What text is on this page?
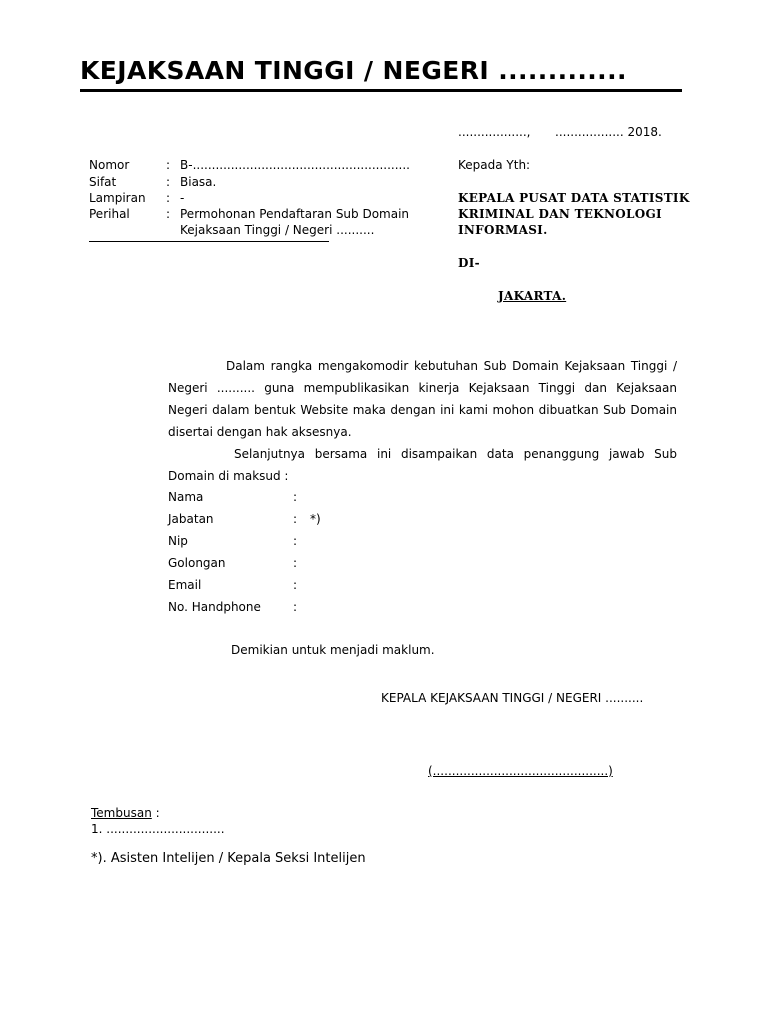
KEJAKSAAN TINGGI / NEGERI .............
.................., .................. 2018.
Nomor	: B-.........................................................
Sifat	: Biasa.
Lampiran : -
Perihal	: Permohonan Pendaftaran Sub Domain
Kejaksaan Tinggi / Negeri ..........
Kepada Yth:
KEPALA PUSAT DATA STATISTIK
KRIMINAL DAN TEKNOLOGI
INFORMASI.
DI-
JAKARTA.
Dalam rangka mengakomodir kebutuhan Sub Domain Kejaksaan Tinggi /
Negeri .......... guna mempublikasikan kinerja Kejaksaan Tinggi dan Kejaksaan
Negeri dalam bentuk Website maka dengan ini kami mohon dibuatkan Sub Domain
disertai dengan hak aksesnya.
Selanjutnya bersama ini disampaikan data penanggung jawab Sub
Domain di maksud :
Nama	:
Jabatan	: *)
Nip	:
Golongan	:
Email	:
No. Handphone	:
Demikian untuk menjadi maklum.
KEPALA KEJAKSAAN TINGGI / NEGERI ..........
(..............................................)
Tembusan :
1. ...............................
*). Asisten Intelijen / Kepala Seksi Intelijen
